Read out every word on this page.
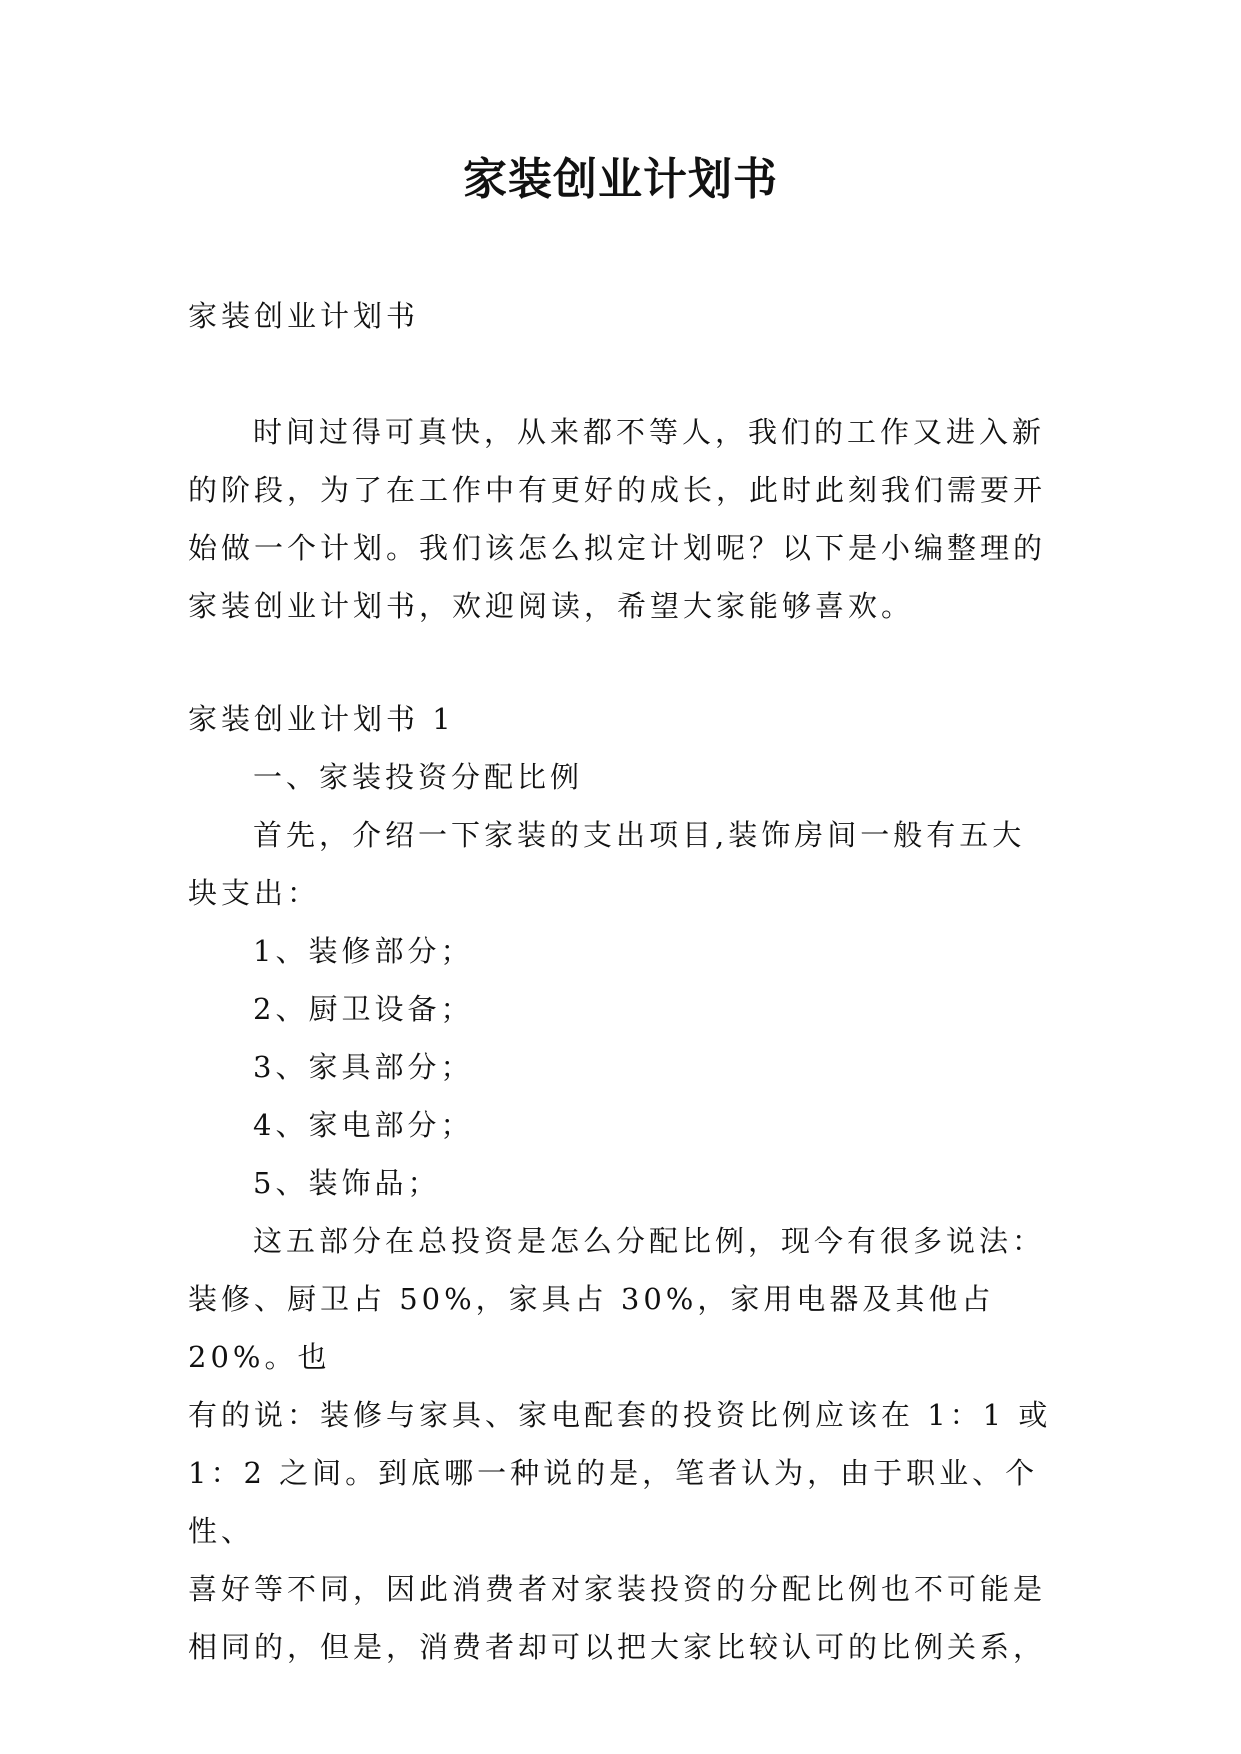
家装创业计划书

家装创业计划书

时间过得可真快，从来都不等人，我们的工作又进入新

的阶段，为了在工作中有更好的成长，此时此刻我们需要开

始做一个计划。我们该怎么拟定计划呢？以下是小编整理的

家装创业计划书，欢迎阅读，希望大家能够喜欢。

家装创业计划书 1

一、家装投资分配比例

首先，介绍一下家装的支出项目,装饰房间一般有五大

块支出：

1、装修部分；

2、厨卫设备；

3、家具部分；

4、家电部分；

5、装饰品；

这五部分在总投资是怎么分配比例，现今有很多说法：

装修、厨卫占 50%，家具占 30%，家用电器及其他占 20%。也

有的说：装修与家具、家电配套的投资比例应该在 1：1 或

1：2 之间。到底哪一种说的是，笔者认为，由于职业、个性、

喜好等不同，因此消费者对家装投资的分配比例也不可能是

相同的，但是，消费者却可以把大家比较认可的比例关系，
